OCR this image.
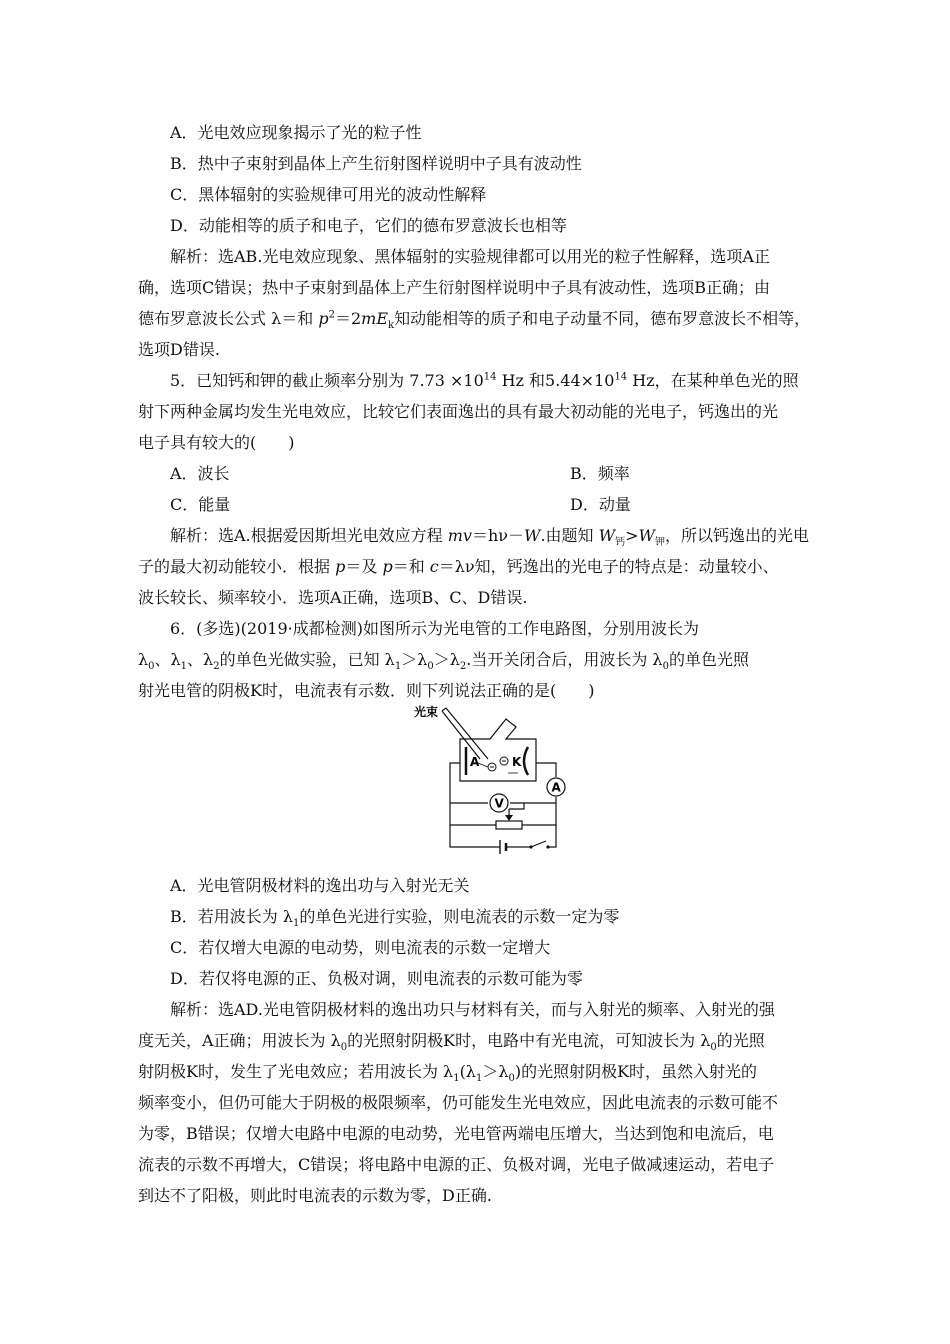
A．光电效应现象揭示了光的粒子性
B．热中子束射到晶体上产生衍射图样说明中子具有波动性
C．黑体辐射的实验规律可用光的波动性解释
D．动能相等的质子和电子，它们的德布罗意波长也相等
解析：选AB.光电效应现象、黑体辐射的实验规律都可以用光的粒子性解释，选项A正
确，选项C错误；热中子束射到晶体上产生衍射图样说明中子具有波动性，选项B正确；由
德布罗意波长公式 λ＝和 $p^2=2mE_k$知动能相等的质子和电子动量不同，德布罗意波长不相等，
选项D错误.
5．已知钙和钾的截止频率分别为 $7.73 \times 10^{14}$ Hz 和$5.44\times 10^{14}$ Hz，在某种单色光的照
射下两种金属均发生光电效应，比较它们表面逸出的具有最大初动能的光电子，钙逸出的光
电子具有较大的(　　)
A．波长	B．频率
C．能量	D．动量
解析：选A.根据爱因斯坦光电效应方程 mv＝hν－W.由题知 $W_钙>W_钾$，所以钙逸出的光电
子的最大初动能较小．根据 p＝及 p＝和 c＝λν知，钙逸出的光电子的特点是：动量较小、
波长较长、频率较小．选项A正确，选项B、C、D错误.
6．(多选)(2019·成都检测)如图所示为光电管的工作电路图，分别用波长为
$\lambda_0$、$\lambda_1$、$\lambda_2$的单色光做实验，已知 $\lambda_1>\lambda_0>\lambda_2$.当开关闭合后，用波长为 $\lambda_0$的单色光照
射光电管的阴极K时，电流表有示数．则下列说法正确的是(　　)
光束
A	K
A
V
A．光电管阴极材料的逸出功与入射光无关
B．若用波长为 $\lambda_1$的单色光进行实验，则电流表的示数一定为零
C．若仅增大电源的电动势，则电流表的示数一定增大
D．若仅将电源的正、负极对调，则电流表的示数可能为零
解析：选AD.光电管阴极材料的逸出功只与材料有关，而与入射光的频率、入射光的强
度无关，A正确；用波长为 $\lambda_0$的光照射阴极K时，电路中有光电流，可知波长为 $\lambda_0$的光照
射阴极K时，发生了光电效应；若用波长为 $\lambda_1(\lambda_1>\lambda_0)$的光照射阴极K时，虽然入射光的
频率变小，但仍可能大于阴极的极限频率，仍可能发生光电效应，因此电流表的示数可能不
为零，B错误；仅增大电路中电源的电动势，光电管两端电压增大，当达到饱和电流后，电
流表的示数不再增大，C错误；将电路中电源的正、负极对调，光电子做减速运动，若电子
到达不了阳极，则此时电流表的示数为零，D正确.
